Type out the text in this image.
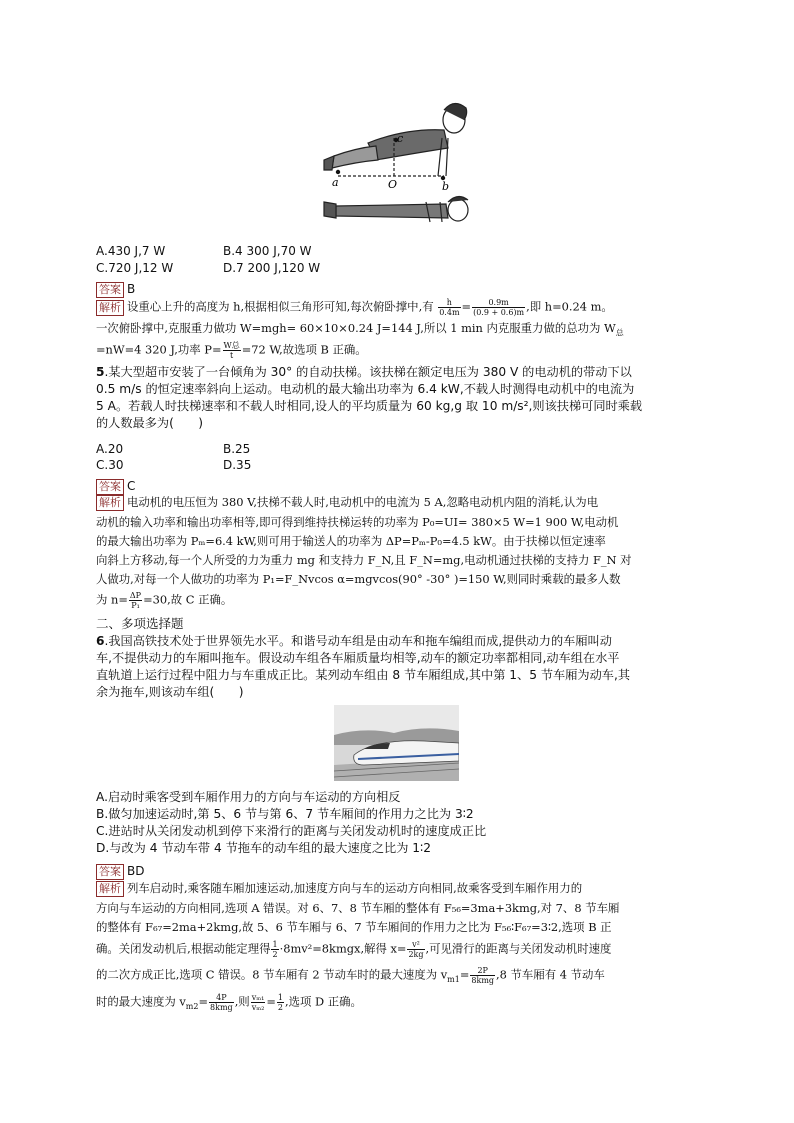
c
a	O	b
A.430 J,7 W	B.4 300 J,70 W
C.720 J,12 W	D.7 200 J,120 W
答案 B
解析 设重心上升的高度为 h,根据相似三角形可知,每次俯卧撑中,有 $\frac{h}{0.4m} = \frac{0.9m}{(0.9 + 0.6)m}$ ,即 h=0.24 m。
一次俯卧撑中,克服重力做功 W=mgh= 60×10×0.24 J=144 J,所以 1 min 内克服重力做的总功为 $W_总$
=nW=4 320 J,功率 $P= \frac{\text{W总}}{t} =72$ W,故选项 B 正确。
5.某大型超市安装了一台倾角为 30° 的自动扶梯。该扶梯在额定电压为 380 V 的电动机的带动下以
0.5 m/s 的恒定速率斜向上运动。电动机的最大输出功率为 6.4 kW,不载人时测得电动机中的电流为
5 A。若载人时扶梯速率和不载人时相同,设人的平均质量为 60 kg,g 取 10 m/s²,则该扶梯可同时乘载
的人数最多为(　　)
A.20	B.25
C.30	D.35
答案 C
解析 电动机的电压恒为 380 V,扶梯不载人时,电动机中的电流为 5 A,忽略电动机内阻的消耗,认为电
动机的输入功率和输出功率相等,即可得到维持扶梯运转的功率为 P₀=UI= 380×5 W=1 900 W,电动机
的最大输出功率为 Pₘ=6.4 kW,则可用于输送人的功率为 ΔP=Pₘ-P₀=4.5 kW。由于扶梯以恒定速率
向斜上方移动,每一个人所受的力为重力 mg 和支持力 F_N,且 F_N=mg,电动机通过扶梯的支持力 F_N 对
人做功,对每一个人做功的功率为 P₁=F_Nvcos α=mgvcos(90° -30° )=150 W,则同时乘载的最多人数
为 $n= \frac{\Delta P}{\text{P₁}} =30$,故 C 正确。
二、多项选择题
6.我国高铁技术处于世界领先水平。和谐号动车组是由动车和拖车编组而成,提供动力的车厢叫动
车,不提供动力的车厢叫拖车。假设动车组各车厢质量均相等,动车的额定功率都相同,动车组在水平
直轨道上运行过程中阻力与车重成正比。某列动车组由 8 节车厢组成,其中第 1、5 节车厢为动车,其
余为拖车,则该动车组(　　)
A.启动时乘客受到车厢作用力的方向与车运动的方向相反
B.做匀加速运动时,第 5、6 节与第 6、7 节车厢间的作用力之比为 3∶2
C.进站时从关闭发动机到停下来滑行的距离与关闭发动机时的速度成正比
D.与改为 4 节动车带 4 节拖车的动车组的最大速度之比为 1∶2
答案 BD
解析 列车启动时,乘客随车厢加速运动,加速度方向与车的运动方向相同,故乘客受到车厢作用力的
方向与车运动的方向相同,选项 A 错误。对 6、7、8 节车厢的整体有 F₅₆=3ma+3kmg,对 7、8 节车厢
的整体有 F₆₇=2ma+2kmg,故 5、6 节车厢与 6、7 节车厢间的作用力之比为 F₅₆∶F₆₇=3∶2,选项 B 正
确。关闭发动机后,根据动能定理得 $\frac{1}{2}$ ·8mv²=8kmgx,解得 $x= \frac{\text{v²}}{2kg}$ ,可见滑行的距离与关闭发动机时速度
的二次方成正比,选项 C 错误。8 节车厢有 2 节动车时的最大速度为 $v_{m1}= \frac{2P}{\text{8kmg}} ,8$ 节车厢有 4 节动车
时的最大速度为 $v_{m2}= \frac{4P}{\text{8kmg}}$ ,则 $\frac{\text{vₘ₁}}{\text{vₘ₂}} = \frac{1}{2}$ ,选项 D 正确。
